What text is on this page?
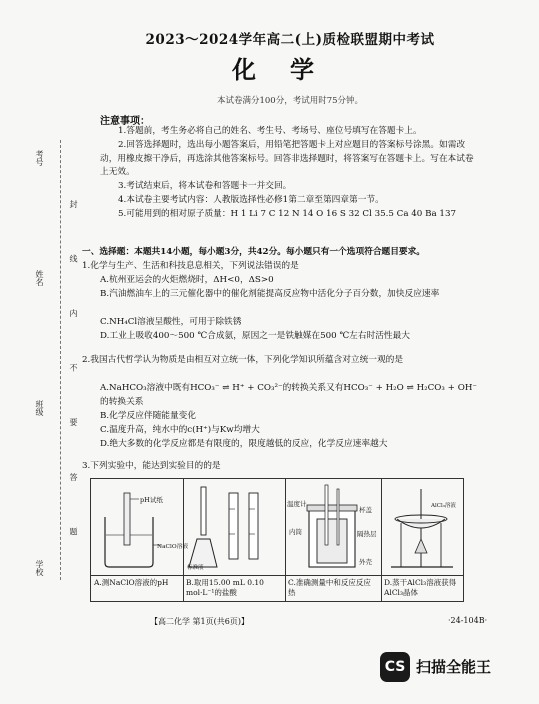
考号
姓名
班级
学校
封 线 内 不 要 答 题
2023～2024学年高二(上)质检联盟期中考试
化学
本试卷满分100分，考试用时75分钟。
注意事项：
1.答题前，考生务必将自己的姓名、考生号、考场号、座位号填写在答题卡上。
2.回答选择题时，选出每小题答案后，用铅笔把答题卡上对应题目的答案标号涂黑。如需改动，用橡皮擦干净后，再选涂其他答案标号。回答非选择题时，将答案写在答题卡上。写在本试卷上无效。
3.考试结束后，将本试卷和答题卡一并交回。
4.本试卷主要考试内容：人教版选择性必修1第二章至第四章第一节。
5.可能用到的相对原子质量：H 1 Li 7 C 12 N 14 O 16 S 32 Cl 35.5 Ca 40 Ba 137
一、选择题：本题共14小题，每小题3分，共42分。每小题只有一个选项符合题目要求。
1.化学与生产、生活和科技息息相关，下列说法错误的是
A.杭州亚运会的火炬燃烧时，ΔH<0，ΔS>0
B.汽油燃油车上的三元催化器中的催化剂能提高反应物中活化分子百分数，加快反应速率
C.NH₄Cl溶液呈酸性，可用于除铁锈
D.工业上吸收400～500 ℃合成氨，原因之一是铁触媒在500 ℃左右时活性最大
2.我国古代哲学认为物质是由相互对立统一体，下列化学知识所蕴含对立统一观的是
A.NaHCO₃溶液中既有HCO₃⁻ ⇌ H⁺ + CO₃²⁻的转换关系又有HCO₃⁻ + H₂O ⇌ H₂CO₃ + OH⁻的转换关系
B.化学反应伴随能量变化
C.温度升高，纯水中的c(H⁺)与Kw均增大
D.绝大多数的化学反应都是有限度的，限度越低的反应，化学反应速率越大
3.下列实验中，能达到实验目的的是
pH试纸
NaClO溶液
A.测NaClO溶液的pH
标准液
B.取用15.00 mL 0.10 mol·L⁻¹的盐酸
温度计
内筒
杯盖
隔热层
外壳
C.准确测量中和反应反应热
AlCl₃溶液
D.蒸干AlCl₃溶液获得AlCl₃晶体
【高二化学 第1页(共6页)】	·24-104B·
CS 扫描全能王
